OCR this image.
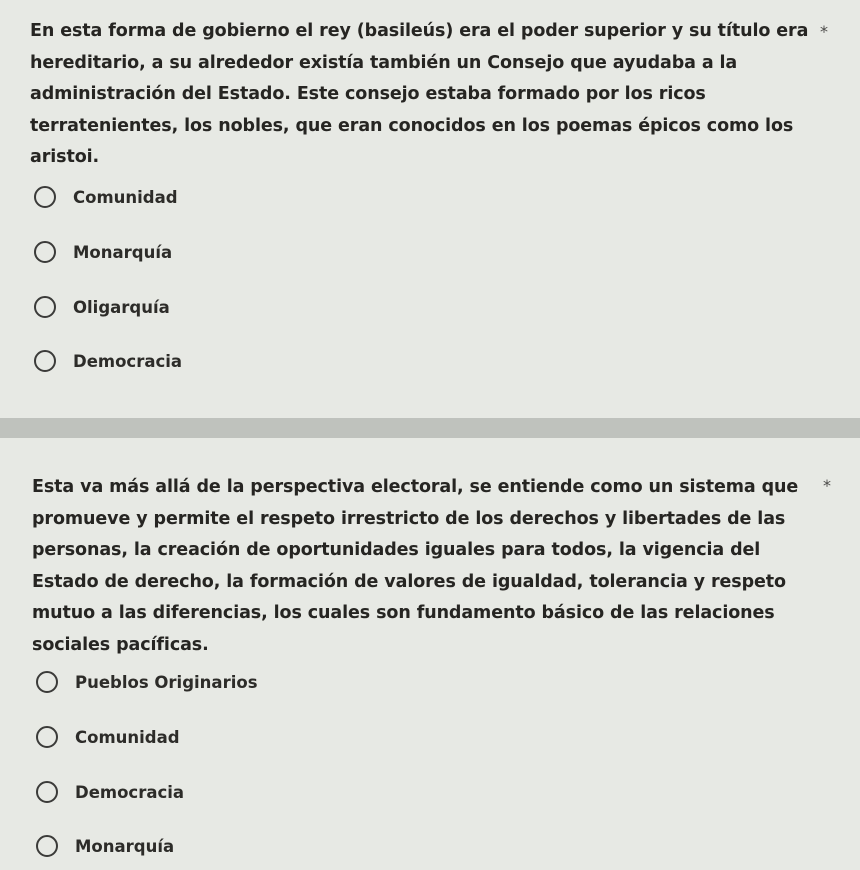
En esta forma de gobierno el rey (basileús) era el poder superior y su título era hereditario, a su alrededor existía también un Consejo que ayudaba a la administración del Estado. Este consejo estaba formado por los ricos terratenientes, los nobles, que eran conocidos en los poemas épicos como los aristoi.
*
Comunidad
Monarquía
Oligarquía
Democracia
Esta va más allá de la perspectiva electoral, se entiende como un sistema que promueve y permite el respeto irrestricto de los derechos y libertades de las personas, la creación de oportunidades iguales para todos, la vigencia del Estado de derecho, la formación de valores de igualdad, tolerancia y respeto mutuo a las diferencias, los cuales son fundamento básico de las relaciones sociales pacíficas.
*
Pueblos Originarios
Comunidad
Democracia
Monarquía
